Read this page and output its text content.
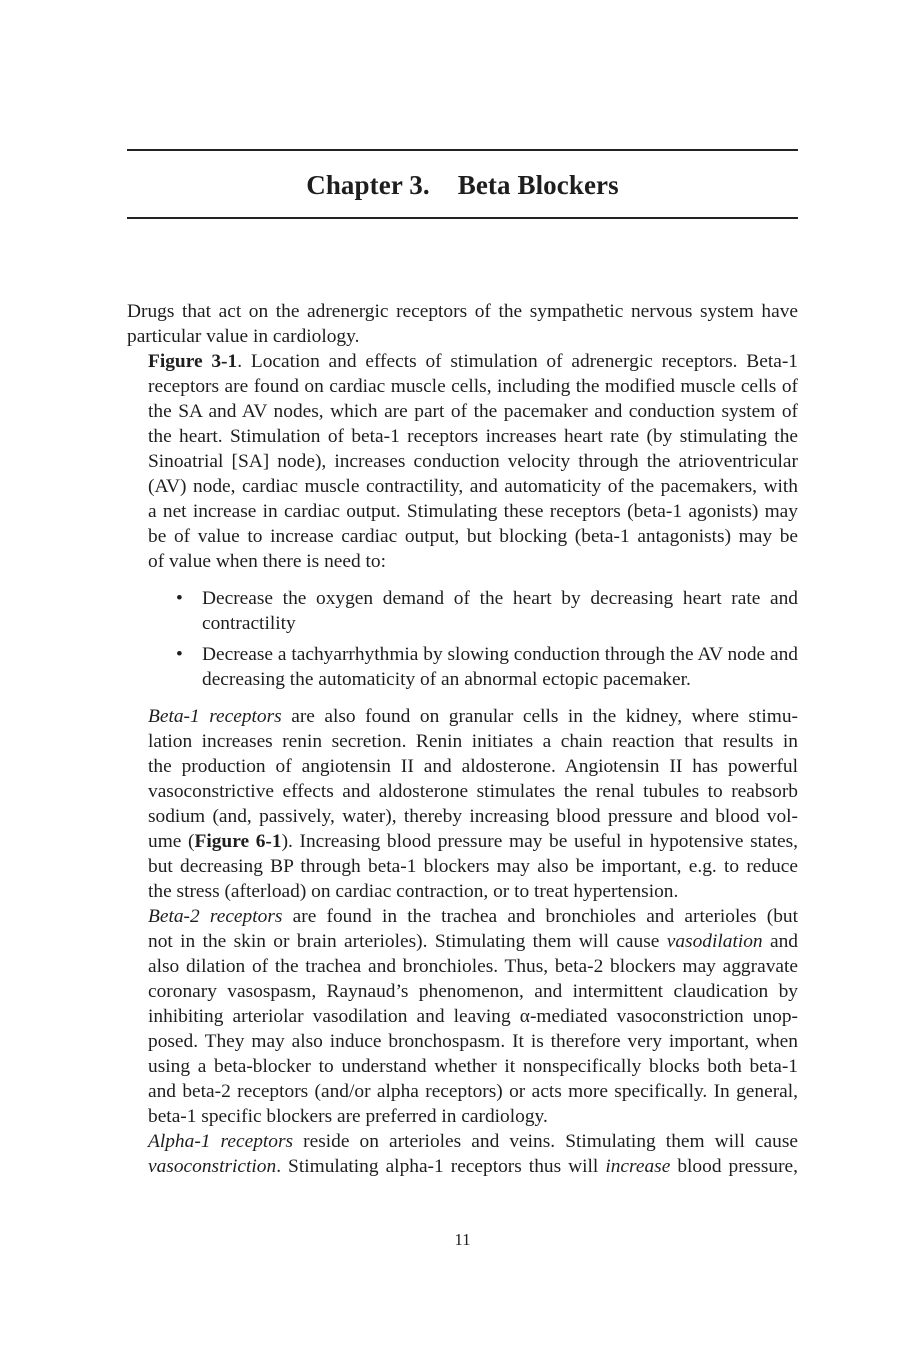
Chapter 3. Beta Blockers

Drugs that act on the adrenergic receptors of the sympathetic nervous system have
particular value in cardiology.

Figure 3-1. Location and effects of stimulation of adrenergic receptors. Beta-1
receptors are found on cardiac muscle cells, including the modified muscle cells of
the SA and AV nodes, which are part of the pacemaker and conduction system of
the heart. Stimulation of beta-1 receptors increases heart rate (by stimulating the
Sinoatrial [SA] node), increases conduction velocity through the atrioventricular
(AV) node, cardiac muscle contractility, and automaticity of the pacemakers, with
a net increase in cardiac output. Stimulating these receptors (beta-1 agonists) may
be of value to increase cardiac output, but blocking (beta-1 antagonists) may be
of value when there is need to:

• Decrease the oxygen demand of the heart by decreasing heart rate and contractility
• Decrease a tachyarrhythmia by slowing conduction through the AV node and decreasing the automaticity of an abnormal ectopic pacemaker.

Beta-1 receptors are also found on granular cells in the kidney, where stimu-
lation increases renin secretion. Renin initiates a chain reaction that results in
the production of angiotensin II and aldosterone. Angiotensin II has powerful
vasoconstrictive effects and aldosterone stimulates the renal tubules to reabsorb
sodium (and, passively, water), thereby increasing blood pressure and blood vol-
ume (Figure 6-1). Increasing blood pressure may be useful in hypotensive states,
but decreasing BP through beta-1 blockers may also be important, e.g. to reduce
the stress (afterload) on cardiac contraction, or to treat hypertension.

Beta-2 receptors are found in the trachea and bronchioles and arterioles (but
not in the skin or brain arterioles). Stimulating them will cause vasodilation and
also dilation of the trachea and bronchioles. Thus, beta-2 blockers may aggravate
coronary vasospasm, Raynaud’s phenomenon, and intermittent claudication by
inhibiting arteriolar vasodilation and leaving α-mediated vasoconstriction unop-
posed. They may also induce bronchospasm. It is therefore very important, when
using a beta-blocker to understand whether it nonspecifically blocks both beta-1
and beta-2 receptors (and/or alpha receptors) or acts more specifically. In general,
beta-1 specific blockers are preferred in cardiology.

Alpha-1 receptors reside on arterioles and veins. Stimulating them will cause
vasoconstriction. Stimulating alpha-1 receptors thus will increase blood pressure,

11
